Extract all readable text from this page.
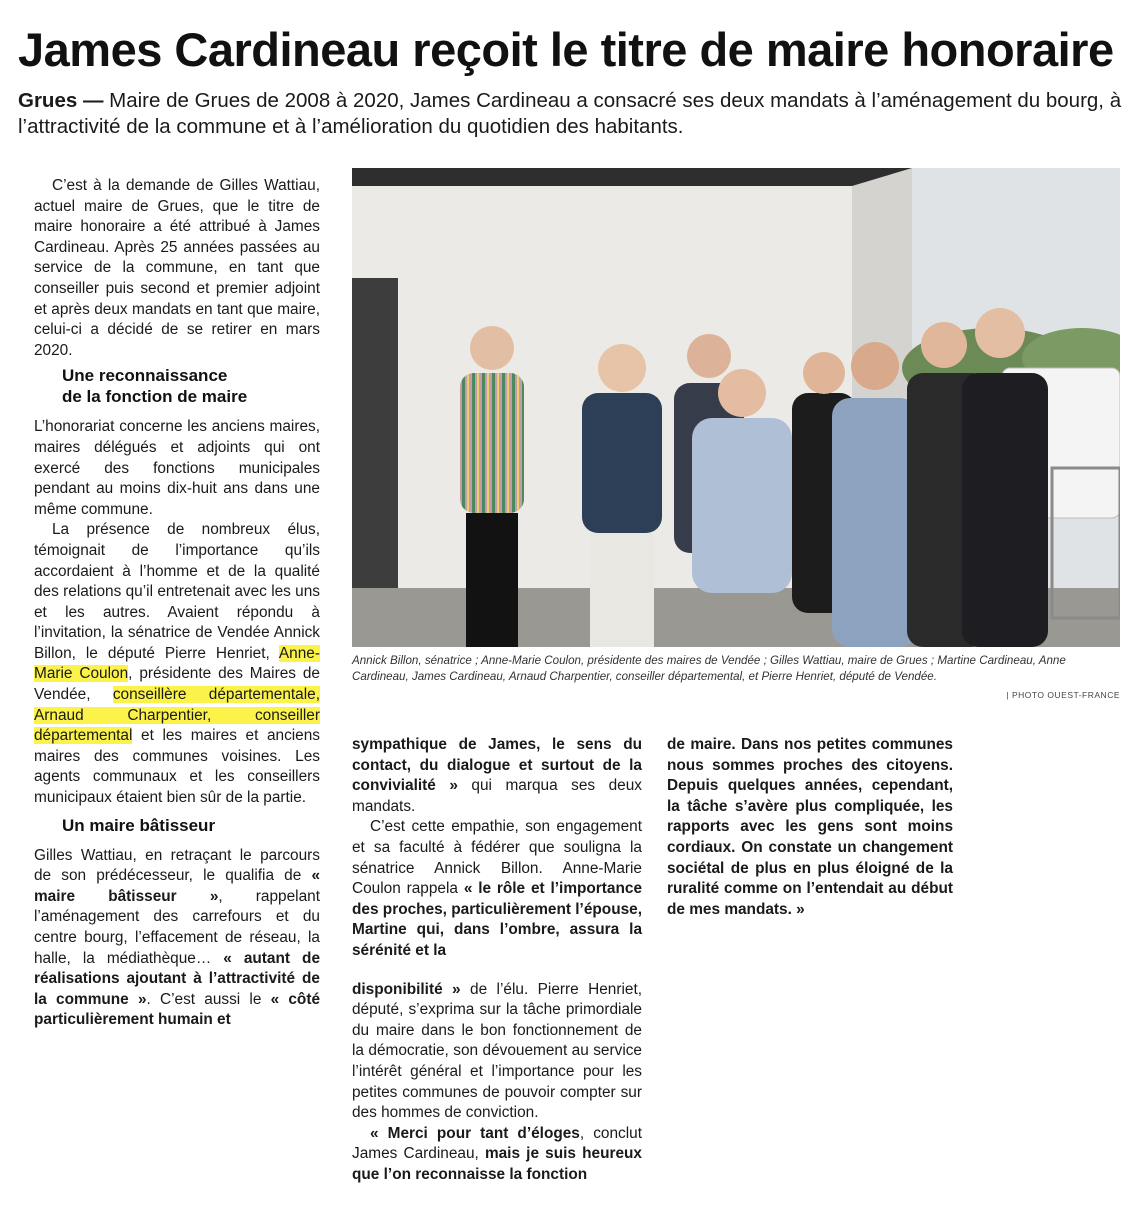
James Cardineau reçoit le titre de maire honoraire
Grues — Maire de Grues de 2008 à 2020, James Cardineau a consacré ses deux mandats à l’aménagement du bourg, à l’attractivité de la commune et à l’amélioration du quotidien des habitants.

C’est à la demande de Gilles Wattiau, actuel maire de Grues, que le titre de maire honoraire a été attribué à James Cardineau. Après 25 années passées au service de la commune, en tant que conseiller puis second et premier adjoint et après deux mandats en tant que maire, celui-ci a décidé de se retirer en mars 2020.

Une reconnaissance
de la fonction de maire

L’honorariat concerne les anciens maires, maires délégués et adjoints qui ont exercé des fonctions municipales pendant au moins dix-huit ans dans une même commune.

La présence de nombreux élus, témoignait de l’importance qu’ils accordaient à l’homme et de la qualité des relations qu’il entretenait avec les uns et les autres. Avaient répondu à l’invitation, la sénatrice de Vendée Annick Billon, le député Pierre Henriet, Anne-Marie Coulon, présidente des Maires de Vendée, conseillère départementale, Arnaud Charpentier, conseiller départemental et les maires et anciens maires des communes voisines. Les agents communaux et les conseillers municipaux étaient bien sûr de la partie.

Un maire bâtisseur

Gilles Wattiau, en retraçant le parcours de son prédécesseur, le qualifia de « maire bâtisseur », rappelant l’aménagement des carrefours et du centre bourg, l’effacement de réseau, la halle, la médiathèque… « autant de réalisations ajoutant à l’attractivité de la commune ». C’est aussi le « côté particulièrement humain et

Annick Billon, sénatrice ; Anne-Marie Coulon, présidente des maires de Vendée ; Gilles Wattiau, maire de Grues ; Martine Cardineau, Anne Cardineau, James Cardineau, Arnaud Charpentier, conseiller départemental, et Pierre Henriet, député de Vendée.
| PHOTO OUEST-FRANCE

sympathique de James, le sens du contact, du dialogue et surtout de la convivialité » qui marqua ses deux mandats.

C’est cette empathie, son engagement et sa faculté à fédérer que souligna la sénatrice Annick Billon. Anne-Marie Coulon rappela « le rôle et l’importance des proches, particulièrement l’épouse, Martine qui, dans l’ombre, assura la sérénité et la

disponibilité » de l’élu. Pierre Henriet, député, s’exprima sur la tâche primordiale du maire dans le bon fonctionnement de la démocratie, son dévouement au service l’intérêt général et l’importance pour les petites communes de pouvoir compter sur des hommes de conviction.

« Merci pour tant d’éloges, conclut James Cardineau, mais je suis heureux que l’on reconnaisse la fonction

de maire. Dans nos petites communes nous sommes proches des citoyens. Depuis quelques années, cependant, la tâche s’avère plus compliquée, les rapports avec les gens sont moins cordiaux. On constate un changement sociétal de plus en plus éloigné de la ruralité comme on l’entendait au début de mes mandats. »
